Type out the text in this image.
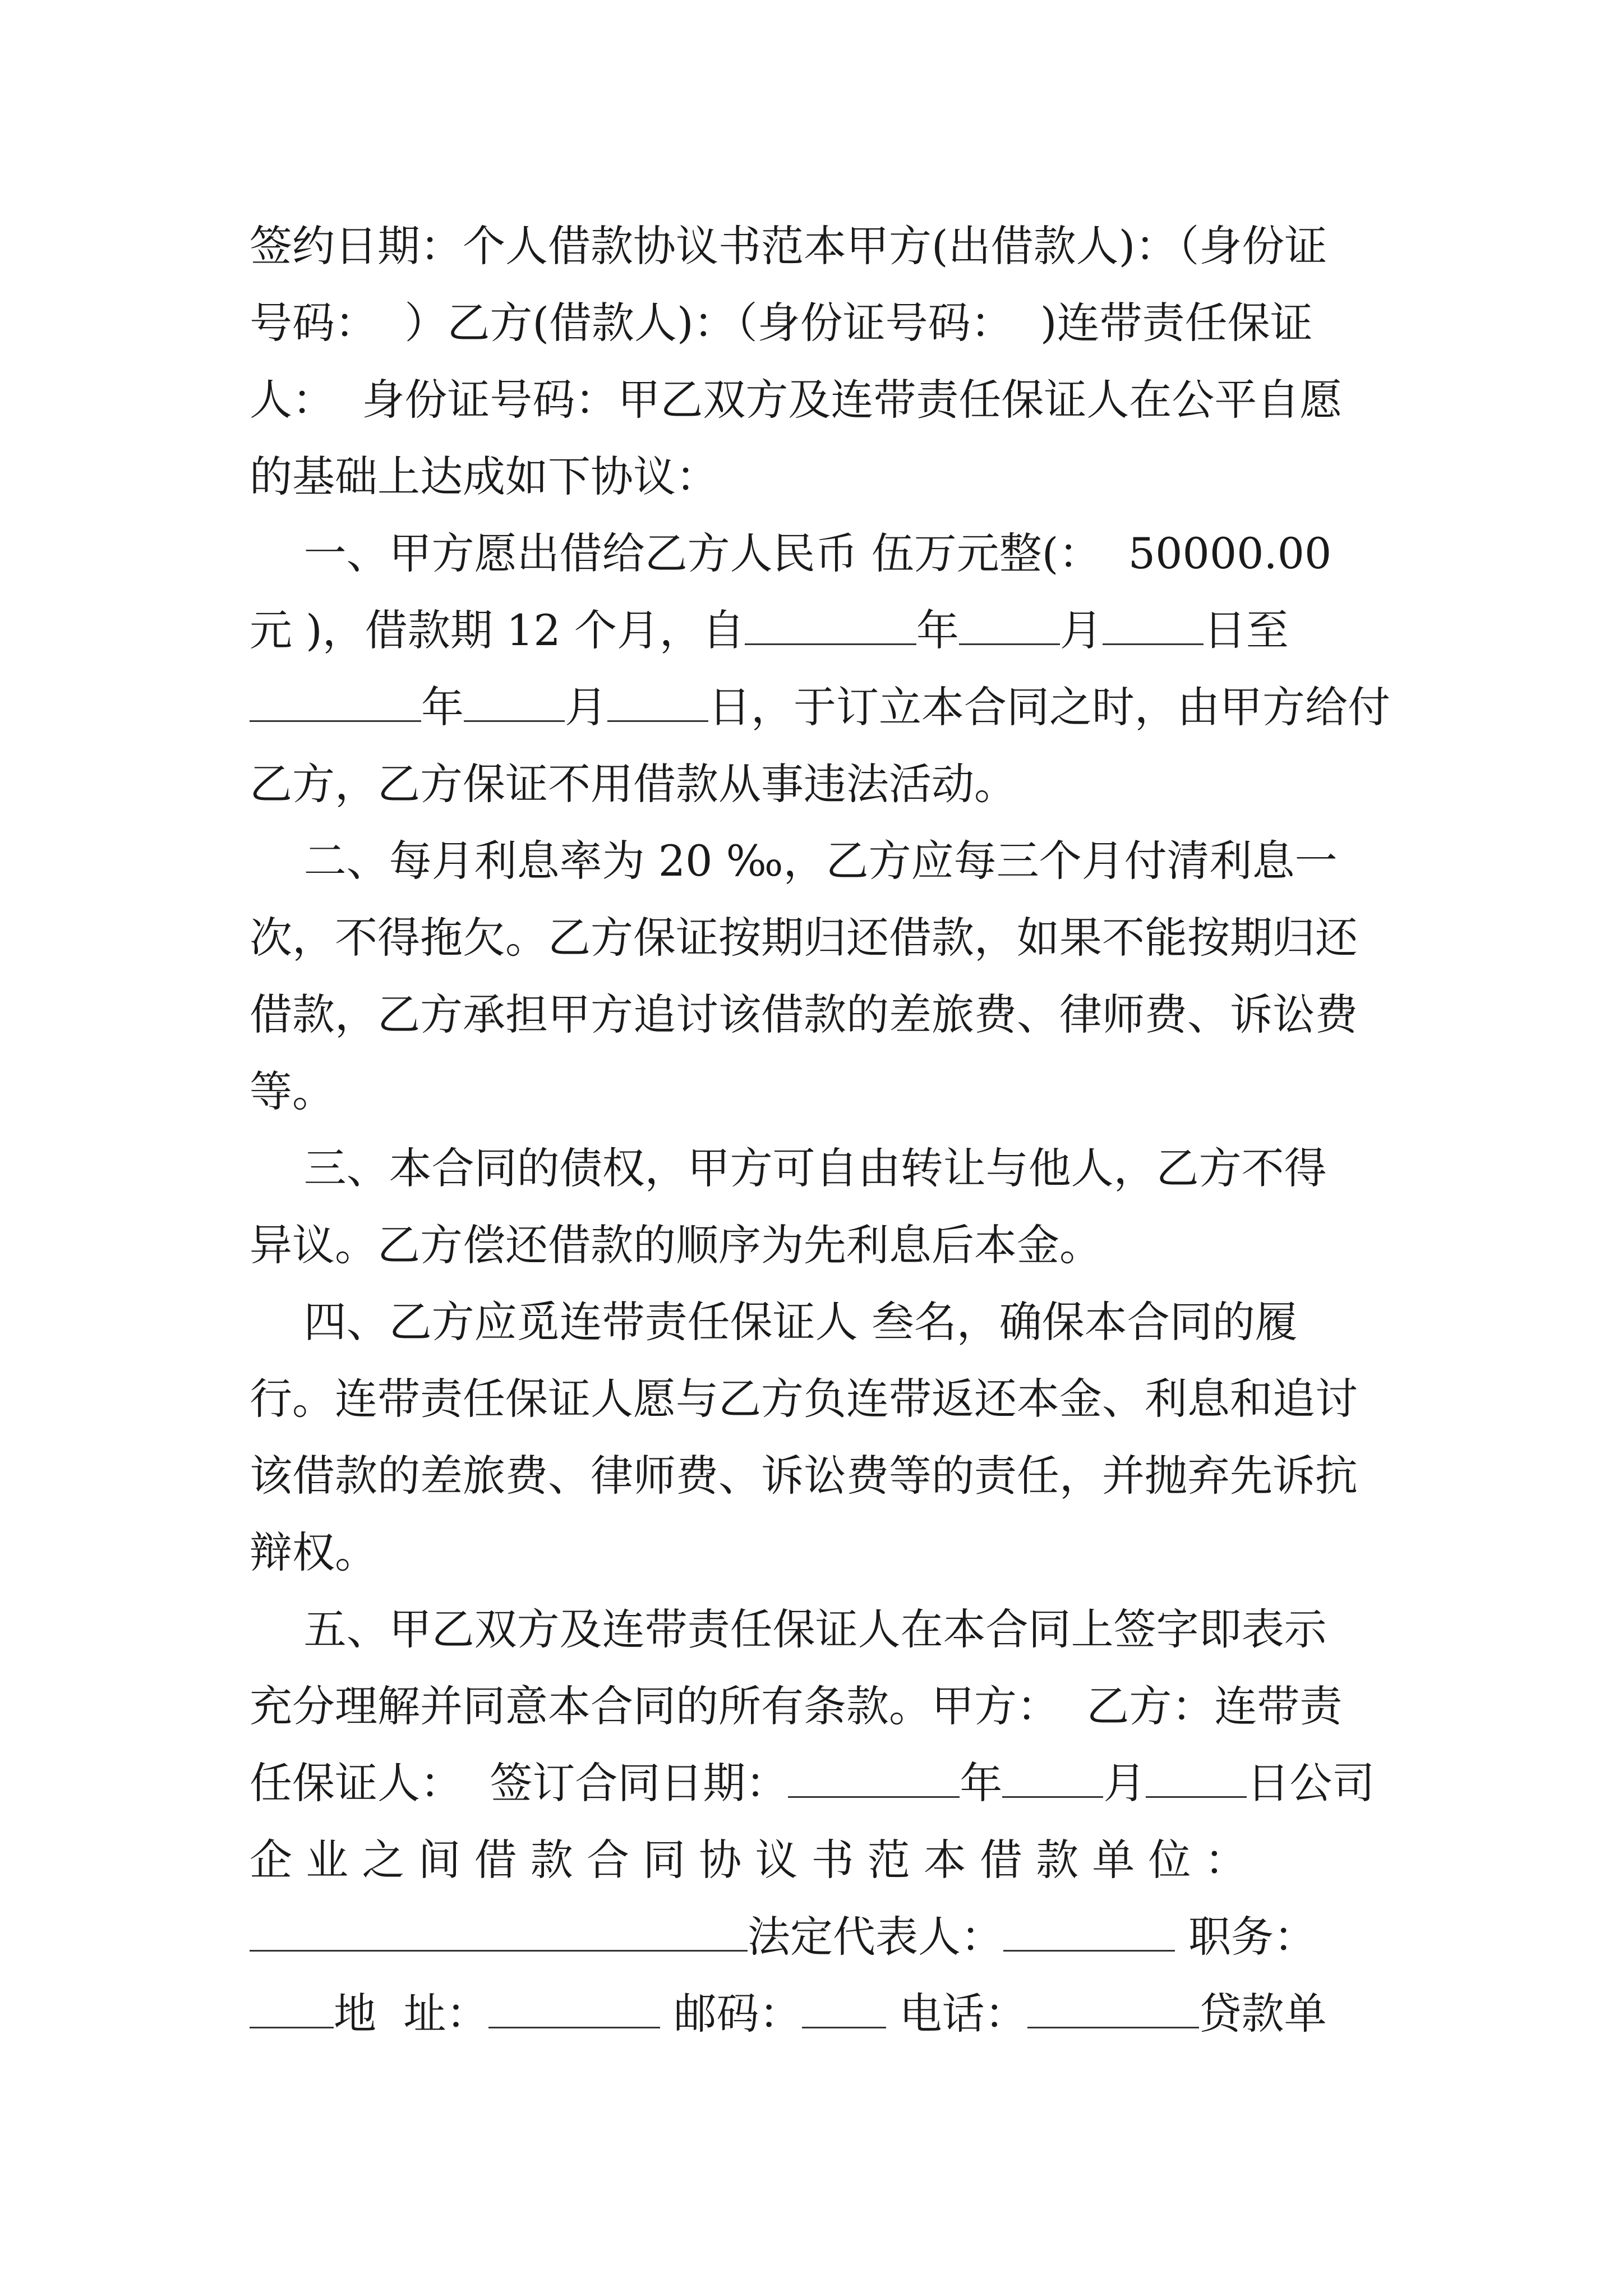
签约日期：个人借款协议书范本甲方(出借款人)：（身份证
号码：  ）乙方(借款人)：（身份证号码：  )连带责任保证
人：  身份证号码：甲乙双方及连带责任保证人在公平自愿
的基础上达成如下协议：
一、甲方愿出借给乙方人民币 伍万元整(：  50000.00
元 )，借款期 12 个月，自	年 月 日至
年 月 日，于订立本合同之时，由甲方给付
乙方，乙方保证不用借款从事违法活动。
二、每月利息率为 20 ‰，乙方应每三个月付清利息一
次，不得拖欠。乙方保证按期归还借款，如果不能按期归还
借款，乙方承担甲方追讨该借款的差旅费、律师费、诉讼费
等。
三、本合同的债权，甲方可自由转让与他人，乙方不得
异议。乙方偿还借款的顺序为先利息后本金。
四、乙方应觅连带责任保证人 叁名，确保本合同的履
行。连带责任保证人愿与乙方负连带返还本金、利息和追讨
该借款的差旅费、律师费、诉讼费等的责任，并抛弃先诉抗
辩权。
五、甲乙双方及连带责任保证人在本合同上签字即表示
充分理解并同意本合同的所有条款。甲方：  乙方：连带责
任保证人：  签订合同日期：	年 月 日公司
企 业 之 间 借 款 合 同 协 议 书 范 本 借 款 单 位 ：
法定代表人：	职务：
地  址：	邮码： 电话：	贷款单
